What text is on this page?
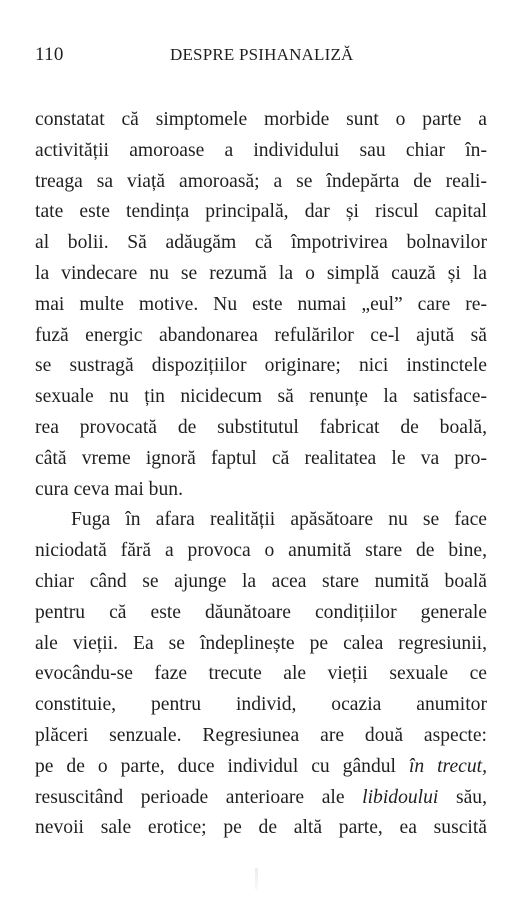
110	DESPRE PSIHANALIZĂ
constatat că simptomele morbide sunt o parte a
activității amoroase a individului sau chiar în-
treaga sa viață amoroasă; a se îndepărta de reali-
tate este tendința principală, dar și riscul capital
al bolii. Să adăugăm că împotrivirea bolnavilor
la vindecare nu se rezumă la o simplă cauză și la
mai multe motive. Nu este numai „eul” care re-
fuză energic abandonarea refulărilor ce-l ajută să
se sustragă dispozițiilor originare; nici instinctele
sexuale nu țin nicidecum să renunțe la satisface-
rea provocată de substitutul fabricat de boală,
câtă vreme ignoră faptul că realitatea le va pro-
cura ceva mai bun.
Fuga în afara realității apăsătoare nu se face
niciodată fără a provoca o anumită stare de bine,
chiar când se ajunge la acea stare numită boală
pentru că este dăunătoare condițiilor generale
ale vieții. Ea se îndeplinește pe calea regresiunii,
evocându-se faze trecute ale vieții sexuale ce
constituie, pentru individ, ocazia anumitor
plăceri senzuale. Regresiunea are două aspecte:
pe de o parte, duce individul cu gândul în trecut,
resuscitând perioade anterioare ale libidoului său,
nevoii sale erotice; pe de altă parte, ea suscită
